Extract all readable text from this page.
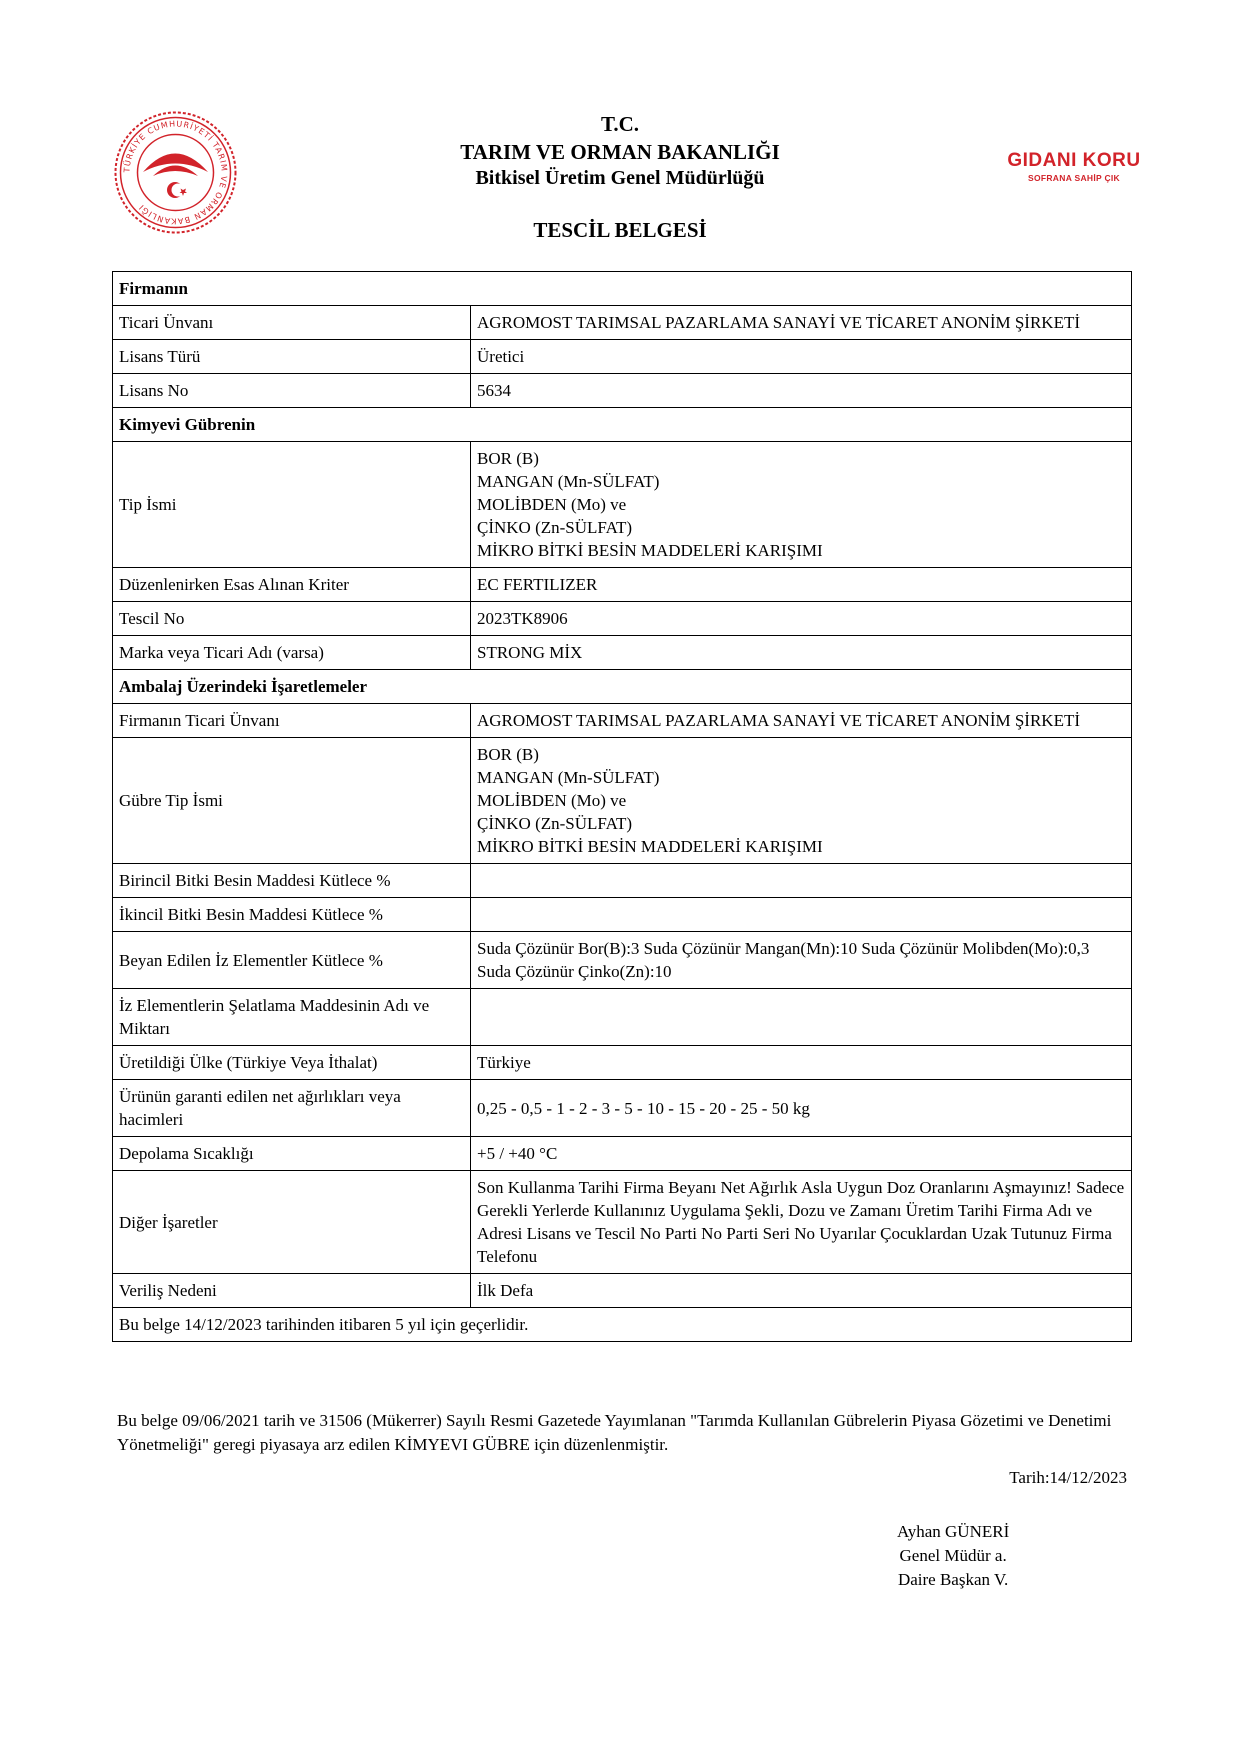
TÜRKİYE CUMHURİYETİ TARIM VE ORMAN BAKANLIĞI
GIDANI KORU
SOFRANA SAHİP ÇIK
T.C.
TARIM VE ORMAN BAKANLIĞI
Bitkisel Üretim Genel Müdürlüğü
TESCİL BELGESİ
Firmanın	
Ticari Ünvanı	AGROMOST TARIMSAL PAZARLAMA SANAYİ VE TİCARET ANONİM ŞİRKETİ
Lisans Türü	Üretici
Lisans No	5634
Kimyevi Gübrenin	
Tip İsmi	BOR (B)
MANGAN (Mn-SÜLFAT)
MOLİBDEN (Mo) ve
ÇİNKO (Zn-SÜLFAT)
MİKRO BİTKİ BESİN MADDELERİ KARIŞIMI

Düzenlenirken Esas Alınan Kriter	EC FERTILIZER
Tescil No	2023TK8906
Marka veya Ticari Adı (varsa)	STRONG MİX
Ambalaj Üzerindeki İşaretlemeler	
Firmanın Ticari Ünvanı	AGROMOST TARIMSAL PAZARLAMA SANAYİ VE TİCARET ANONİM ŞİRKETİ
Gübre Tip İsmi	BOR (B)
MANGAN (Mn-SÜLFAT)
MOLİBDEN (Mo) ve
ÇİNKO (Zn-SÜLFAT)
MİKRO BİTKİ BESİN MADDELERİ KARIŞIMI

Birincil Bitki Besin Maddesi Kütlece %	
İkincil Bitki Besin Maddesi Kütlece %	
Beyan Edilen İz Elementler Kütlece %	Suda Çözünür Bor(B):3 Suda Çözünür Mangan(Mn):10 Suda Çözünür Molibden(Mo):0,3 Suda Çözünür Çinko(Zn):10
İz Elementlerin Şelatlama Maddesinin Adı ve Miktarı	
Üretildiği Ülke (Türkiye Veya İthalat)	Türkiye
Ürünün garanti edilen net ağırlıkları veya hacimleri	0,25 - 0,5 - 1 - 2 - 3 - 5 - 10 - 15 - 20 - 25 - 50 kg
Depolama Sıcaklığı	+5 / +40 °C
Diğer İşaretler	Son Kullanma Tarihi Firma Beyanı Net Ağırlık Asla Uygun Doz Oranlarını Aşmayınız! Sadece Gerekli Yerlerde Kullanınız Uygulama Şekli, Dozu ve Zamanı Üretim Tarihi Firma Adı ve Adresi Lisans ve Tescil No Parti No Parti Seri No Uyarılar Çocuklardan Uzak Tutunuz Firma Telefonu
Veriliş Nedeni	İlk Defa
Bu belge 14/12/2023 tarihinden itibaren 5 yıl için geçerlidir.	
Bu belge 09/06/2021 tarih ve 31506 (Mükerrer) Sayılı Resmi Gazetede Yayımlanan "Tarımda Kullanılan Gübrelerin Piyasa Gözetimi ve Denetimi Yönetmeliği" geregi piyasaya arz edilen KİMYEVI GÜBRE için düzenlenmiştir.
Tarih:14/12/2023
Ayhan GÜNERİ
Genel Müdür a.
Daire Başkan V.
